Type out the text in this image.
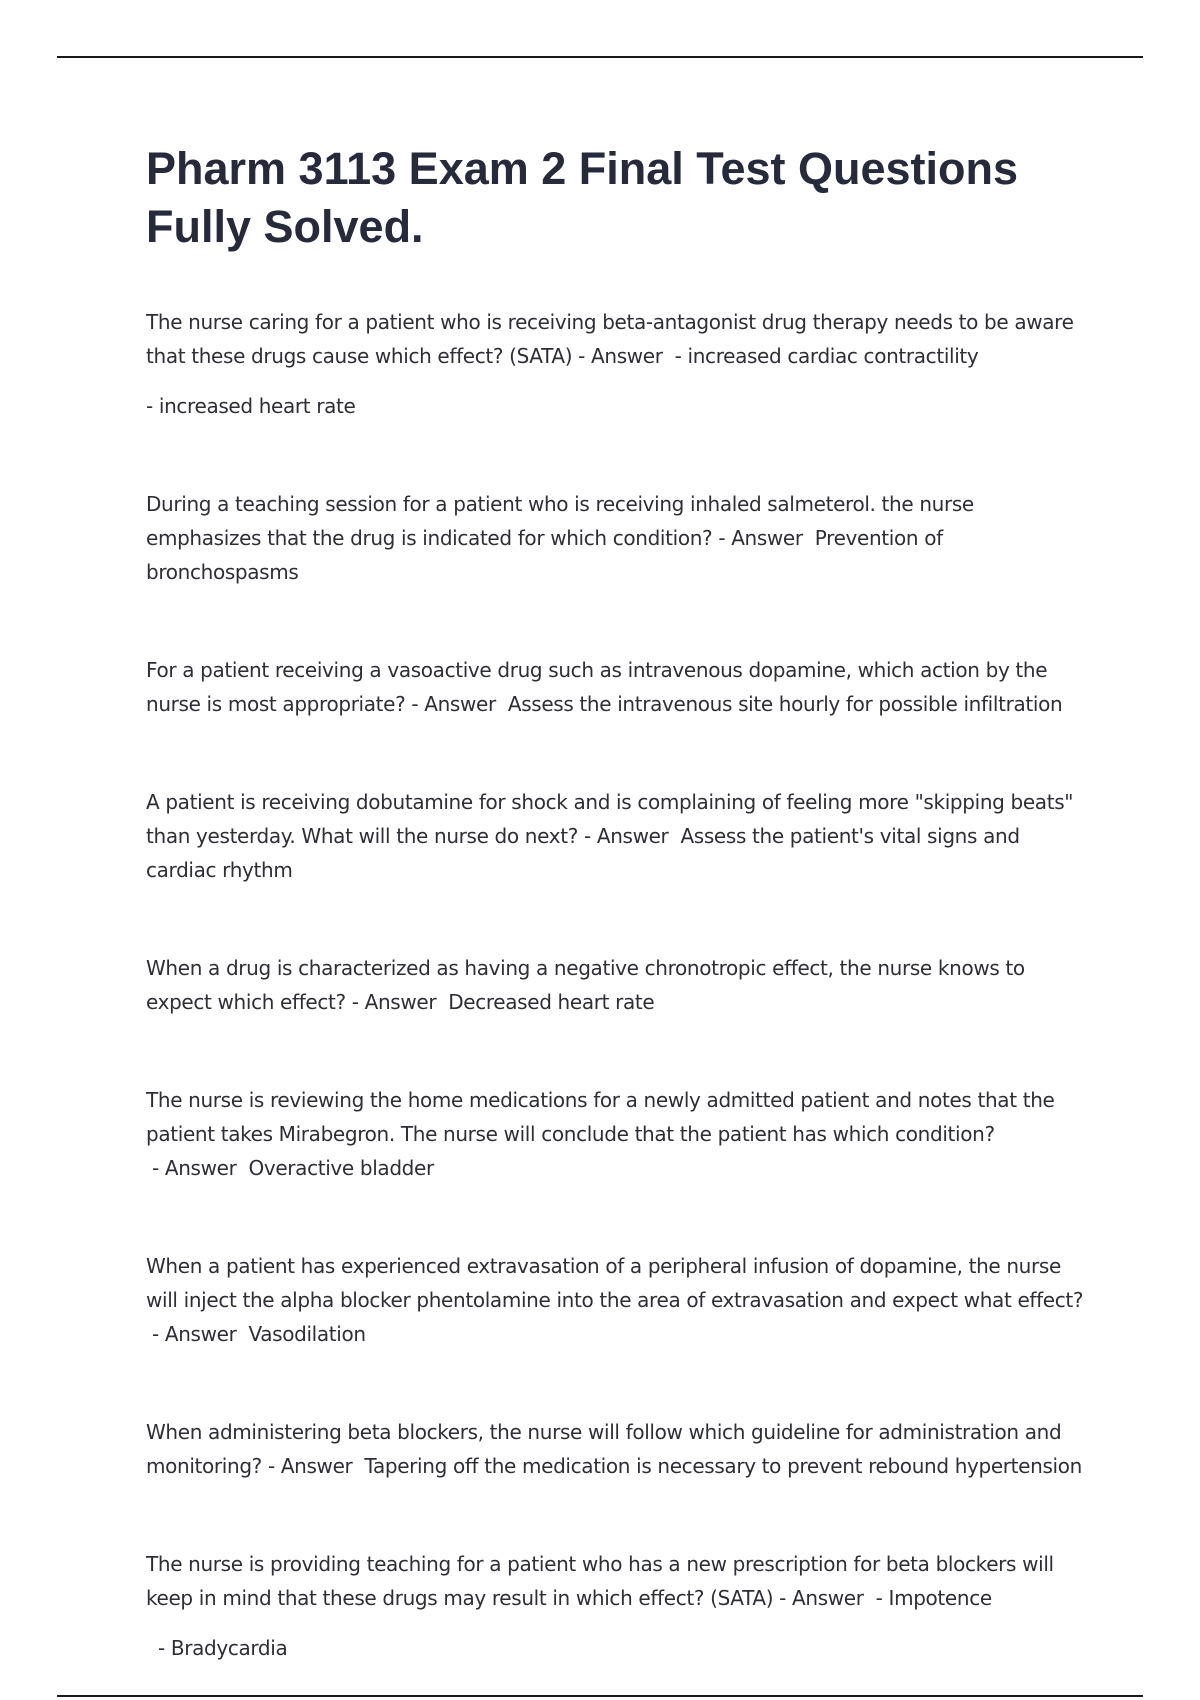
Pharm 3113 Exam 2 Final Test Questions Fully Solved.
The nurse caring for a patient who is receiving beta-antagonist drug therapy needs to be aware that these drugs cause which effect? (SATA) - Answer  - increased cardiac contractility
- increased heart rate
During a teaching session for a patient who is receiving inhaled salmeterol. the nurse emphasizes that the drug is indicated for which condition? - Answer  Prevention of bronchospasms
For a patient receiving a vasoactive drug such as intravenous dopamine, which action by the nurse is most appropriate? - Answer  Assess the intravenous site hourly for possible infiltration
A patient is receiving dobutamine for shock and is complaining of feeling more "skipping beats" than yesterday. What will the nurse do next? - Answer  Assess the patient's vital signs and cardiac rhythm
When a drug is characterized as having a negative chronotropic effect, the nurse knows to expect which effect? - Answer  Decreased heart rate
The nurse is reviewing the home medications for a newly admitted patient and notes that the patient takes Mirabegron. The nurse will conclude that the patient has which condition? - Answer  Overactive bladder
When a patient has experienced extravasation of a peripheral infusion of dopamine, the nurse will inject the alpha blocker phentolamine into the area of extravasation and expect what effect? - Answer  Vasodilation
When administering beta blockers, the nurse will follow which guideline for administration and monitoring? - Answer  Tapering off the medication is necessary to prevent rebound hypertension
The nurse is providing teaching for a patient who has a new prescription for beta blockers will keep in mind that these drugs may result in which effect? (SATA) - Answer  - Impotence
- Bradycardia
